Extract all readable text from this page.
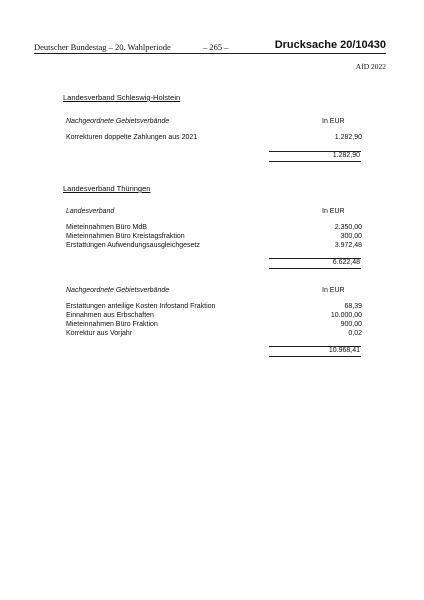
Deutscher Bundestag – 20. Wahlperiode	– 265 –	Drucksache 20/10430
AfD 2022
Landesverband Schleswig-Holstein
Nachgeordnete Gebietsverbände	In EUR
Korrekturen doppelte Zahlungen aus 2021	1.282,90
1.282,90
Landesverband Thüringen
Landesverband	In EUR
Mieteinnahmen Büro MdB	2.350,00
Mieteinnahmen Büro Kreistagsfraktion	300,00
Erstattungen Aufwendungsausgleichgesetz	3.972,48
6.622,48
Nachgeordnete Gebietsverbände	In EUR
Erstattungen anteilige Kosten Infostand Fraktion	68,39
Einnahmen aus Erbschaften	10.000,00
Mieteinnahmen Büro Fraktion	900,00
Korrektur aus Vorjahr	0,02
10.968,41
